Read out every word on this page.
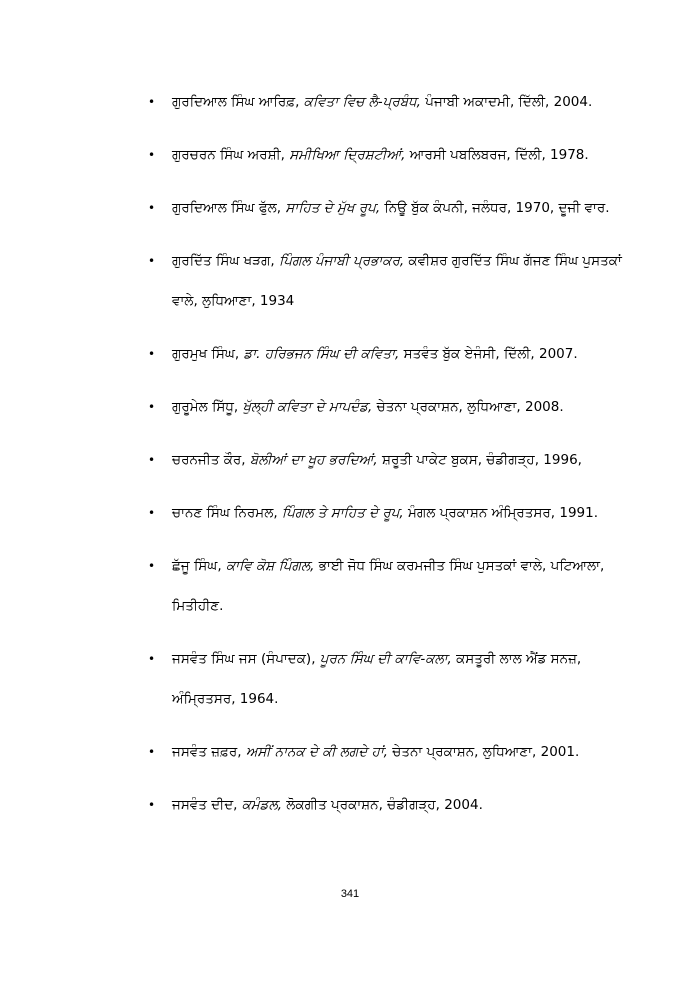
• ਗੁਰਦਿਆਲ ਸਿੰਘ ਆਰਿਫ਼, ਕਵਿਤਾ ਵਿਚ ਲੈ-ਪ੍ਰਬੰਧ, ਪੰਜਾਬੀ ਅਕਾਦਮੀ, ਦਿੱਲੀ, 2004.
• ਗੁਰਚਰਨ ਸਿੰਘ ਅਰਸ਼ੀ, ਸਮੀਖਿਆ ਦ੍ਰਿਸ਼ਟੀਆਂ, ਆਰਸੀ ਪਬਲਿਬਰਜ, ਦਿੱਲੀ, 1978.
• ਗੁਰਦਿਆਲ ਸਿੰਘ ਫੁੱਲ, ਸਾਹਿਤ ਦੇ ਮੁੱਖ ਰੂਪ, ਨਿਊ ਬੁੱਕ ਕੰਪਨੀ, ਜਲੰਧਰ, 1970, ਦੂਜੀ ਵਾਰ.
• ਗੁਰਦਿੱਤ ਸਿੰਘ ਖੜਗ, ਪਿੰਗਲ ਪੰਜਾਬੀ ਪ੍ਰਭਾਕਰ, ਕਵੀਸ਼ਰ ਗੁਰਦਿੱਤ ਸਿੰਘ ਗੱਜਣ ਸਿੰਘ ਪੁਸਤਕਾਂ ਵਾਲੇ, ਲੁਧਿਆਣਾ, 1934
• ਗੁਰਮੁਖ ਸਿੰਘ, ਡਾ. ਹਰਿਭਜਨ ਸਿੰਘ ਦੀ ਕਵਿਤਾ, ਸਤਵੰਤ ਬੁੱਕ ਏਜੰਸੀ, ਦਿੱਲੀ, 2007.
• ਗੁਰੂਮੇਲ ਸਿੱਧੂ, ਖੁੱਲ੍ਹੀ ਕਵਿਤਾ ਦੇ ਮਾਪਦੰਡ, ਚੇਤਨਾ ਪ੍ਰਕਾਸ਼ਨ, ਲੁਧਿਆਣਾ, 2008.
• ਚਰਨਜੀਤ ਕੌਰ, ਬੋਲੀਆਂ ਦਾ ਖੂਹ ਭਰਦਿਆਂ, ਸ਼ਰੂਤੀ ਪਾਕੇਟ ਬੁਕਸ, ਚੰਡੀਗੜ੍ਹ, 1996,
• ਚਾਨਣ ਸਿੰਘ ਨਿਰਮਲ, ਪਿੰਗਲ ਤੇ ਸਾਹਿਤ ਦੇ ਰੂਪ, ਮੰਗਲ ਪ੍ਰਕਾਸ਼ਨ ਅੰਮ੍ਰਿਤਸਰ, 1991.
• ਛੱਜੂ ਸਿੰਘ, ਕਾਵਿ ਕੋਸ਼ ਪਿੰਗਲ, ਭਾਈ ਜੋਧ ਸਿੰਘ ਕਰਮਜੀਤ ਸਿੰਘ ਪੁਸਤਕਾਂ ਵਾਲੇ, ਪਟਿਆਲਾ, ਮਿਤੀਹੀਣ.
• ਜਸਵੰਤ ਸਿੰਘ ਜਸ (ਸੰਪਾਦਕ), ਪੂਰਨ ਸਿੰਘ ਦੀ ਕਾਵਿ-ਕਲਾ, ਕਸਤੂਰੀ ਲਾਲ ਐਂਡ ਸਨਜ਼, ਅੰਮ੍ਰਿਤਸਰ, 1964.
• ਜਸਵੰਤ ਜ਼ਫ਼ਰ, ਅਸੀਂ ਨਾਨਕ ਦੇ ਕੀ ਲਗਦੇ ਹਾਂ, ਚੇਤਨਾ ਪ੍ਰਕਾਸ਼ਨ, ਲੁਧਿਆਣਾ, 2001.
• ਜਸਵੰਤ ਦੀਦ, ਕਮੰਡਲ, ਲੋਕਗੀਤ ਪ੍ਰਕਾਸ਼ਨ, ਚੰਡੀਗੜ੍ਹ, 2004.
341
